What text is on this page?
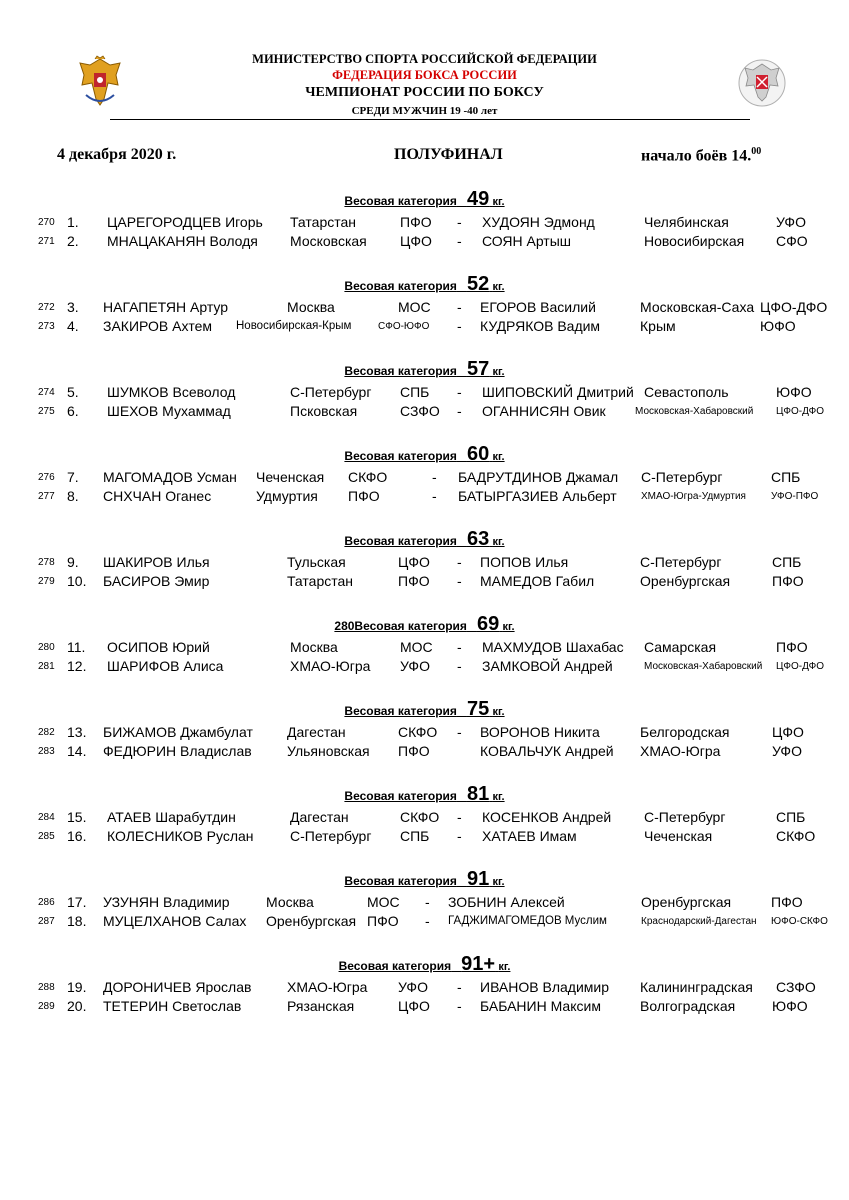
МИНИСТЕРСТВО СПОРТА РОССИЙСКОЙ ФЕДЕРАЦИИ
ФЕДЕРАЦИЯ БОКСА РОССИИ
ЧЕМПИОНАТ РОССИИ ПО БОКСУ
СРЕДИ МУЖЧИН 19 -40 лет
4 декабря 2020 г.	ПОЛУФИНАЛ	начало боёв 14.00
Весовая категория 49 кг.
270 1. ЦАРЕГОРОДЦЕВ Игорь Татарстан	ПФО - ХУДОЯН Эдмонд	Челябинская	УФО
271 2. МНАЦАКАНЯН Володя Московская ЦФО - СОЯН Артыш	Новосибирская СФО
Весовая категория 52 кг.
272 3. НАГАПЕТЯН Артур	Москва	МОС - ЕГОРОВ Василий	Московская-Саха ЦФО-ДФО
273 4. ЗАКИРОВ Ахтем Новосибирская-Крым	СФО-ЮФО - КУДРЯКОВ Вадим	Крым	ЮФО
Весовая категория 57 кг.
274 5. ШУМКОВ Всеволод	С-Петербург СПБ - ШИПОВСКИЙ Дмитрий Севастополь	ЮФО
275 6. ШЕХОВ Мухаммад	Псковская	СЗФО - ОГАННИСЯН Овик	Московская-Хабаровский ЦФО-ДФО
Весовая категория 60 кг.
276 7. МАГОМАДОВ Усман Чеченская СКФО	- БАДРУТДИНОВ Джамал С-Петербург	СПБ
277 8. СНХЧАН Оганес	Удмуртия ПФО	- БАТЫРГАЗИЕВ Альберт ХМАО-Югра-Удмуртия	УФО-ПФО
Весовая категория 63 кг.
278 9. ШАКИРОВ Илья	Тульская	ЦФО - ПОПОВ Илья	С-Петербург	СПБ
279 10. БАСИРОВ Эмир	Татарстан	ПФО - МАМЕДОВ Габил	Оренбургская	ПФО
280Весовая категория 69 кг.
280 11. ОСИПОВ Юрий	Москва	МОС - МАХМУДОВ Шахабас Самарская	ПФО
281 12. ШАРИФОВ Алиса	ХМАО-Югра УФО - ЗАМКОВОЙ Андрей	Московская-Хабаровский ЦФО-ДФО
Весовая категория 75 кг.
282 13. БИЖАМОВ Джамбулат Дагестан	СКФО - ВОРОНОВ Никита	Белгородская	ЦФО
283 14. ФЕДЮРИН Владислав	Ульяновская ПФО	КОВАЛЬЧУК Андрей ХМАО-Югра	УФО
Весовая категория 81 кг.
284 15. АТАЕВ Шарабутдин	Дагестан	СКФО - КОСЕНКОВ Андрей С-Петербург	СПБ
285 16. КОЛЕСНИКОВ Руслан	С-Петербург СПБ - ХАТАЕВ Имам	Чеченская	СКФО
Весовая категория 91 кг.
286 17. УЗУНЯН Владимир	Москва	МОС - ЗОБНИН Алексей	Оренбургская	ПФО
287 18. МУЦЕЛХАНОВ Салах Оренбургская ПФО - ГАДЖИМАГОМЕДОВ Муслим	Краснодарский-Дагестан ЮФО-СКФО
Весовая категория 91+ кг.
288 19. ДОРОНИЧЕВ Ярослав	ХМАО-Югра УФО - ИВАНОВ Владимир Калининградская СЗФО
289 20. ТЕТЕРИН Светослав	Рязанская	ЦФО - БАБАНИН Максим	Волгоградская	ЮФО
